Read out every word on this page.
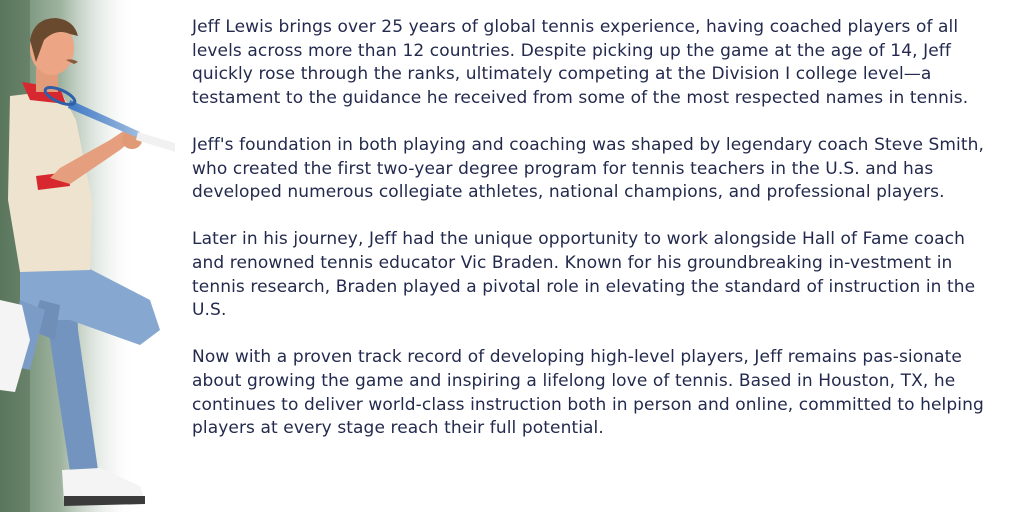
Jeff Lewis brings over 25 years of global tennis experience, having coached players of all levels across more than 12 countries. Despite picking up the game at the age of 14, Jeff quickly rose through the ranks, ultimately competing at the Division I college level—a testament to the guidance he received from some of the most respected names in tennis.

Jeff's foundation in both playing and coaching was shaped by legendary coach Steve Smith, who created the first two-year degree program for tennis teachers in the U.S. and has developed numerous collegiate athletes, national champions, and professional players.

Later in his journey, Jeff had the unique opportunity to work alongside Hall of Fame coach and renowned tennis educator Vic Braden. Known for his groundbreaking in-vestment in tennis research, Braden played a pivotal role in elevating the standard of instruction in the U.S.

Now with a proven track record of developing high-level players, Jeff remains pas-sionate about growing the game and inspiring a lifelong love of tennis. Based in Houston, TX, he continues to deliver world-class instruction both in person and online, committed to helping players at every stage reach their full potential.
